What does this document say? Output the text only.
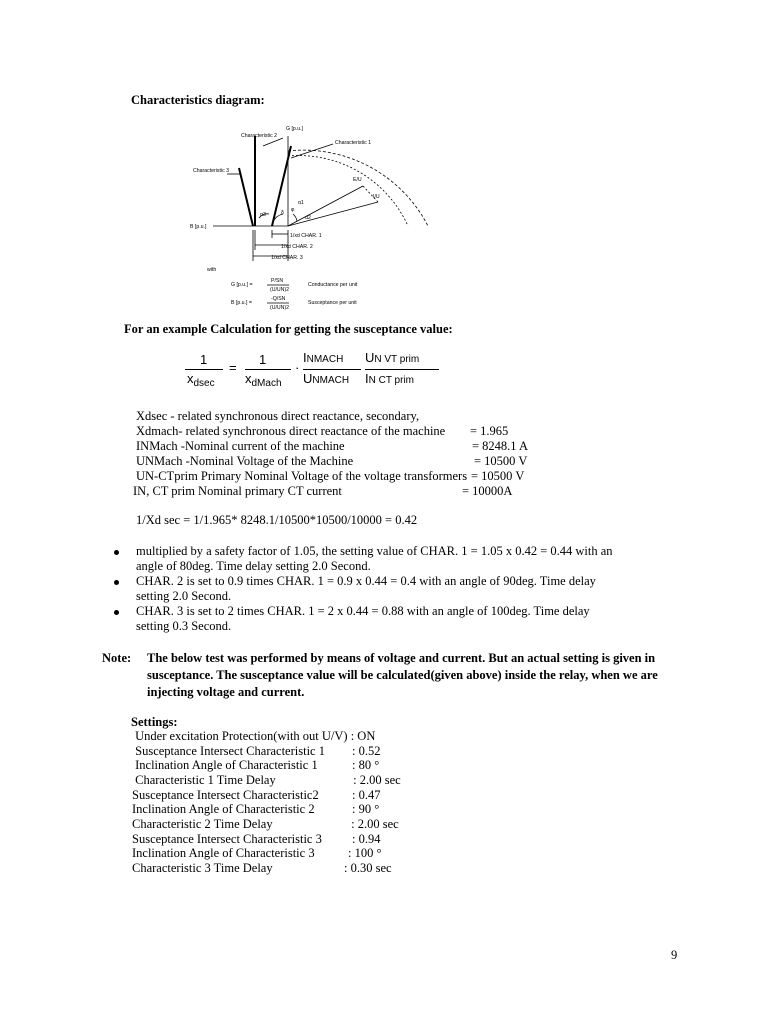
Characteristics diagram:
G [p.u.]
Characteristic 2
Characteristic 1
Characteristic 3
E/U
I/U
α1
α2
α3	δ φ
B [p.u.]
1/xd CHAR. 1
1/xd CHAR. 2
1/xd CHAR. 3
with
G [p.u.] =
P/SN
(U/UN)2
Conductance per unit
B [p.u.] =
-Q/SN
(U/UN)2
Susceptance per unit
For an example Calculation for getting the susceptance value:
1
$x_{dsec}$
=
1
$x_{dMach}$
·
INMACH
UNMACH
UN VT prim
IN CT prim
Xdsec - related synchronous direct reactance, secondary,
Xdmach- related synchronous direct reactance of the machine = 1.965
INMach -Nominal current of the machine	= 8248.1 A
UNMach -Nominal Voltage of the Machine	= 10500 V
UN-CTprim Primary Nominal Voltage of the voltage transformers = 10500 V
IN, CT prim Nominal primary CT current	= 10000A
1/Xd sec = 1/1.965* 8248.1/10500*10500/10000 = 0.42
multiplied by a safety factor of 1.05, the setting value of CHAR. 1 = 1.05 x 0.42 = 0.44 with an
angle of 80deg. Time delay setting 2.0 Second.
CHAR. 2 is set to 0.9 times CHAR. 1 = 0.9 x 0.44 = 0.4 with an angle of 90deg. Time delay
setting 2.0 Second.
CHAR. 3 is set to 2 times CHAR. 1 = 2 x 0.44 = 0.88 with an angle of 100deg. Time delay
setting 0.3 Second.
Note: The below test was performed by means of voltage and current. But an actual setting is given in
susceptance. The susceptance value will be calculated(given above) inside the relay, when we are
injecting voltage and current.
Settings:
Under excitation Protection(with out U/V) : ON
Susceptance Intersect Characteristic 1 : 0.52
Inclination Angle of Characteristic 1	: 80 °
Characteristic 1 Time Delay	: 2.00 sec
Susceptance Intersect Characteristic2	: 0.47
Inclination Angle of Characteristic 2	: 90 °
Characteristic 2 Time Delay	: 2.00 sec
Susceptance Intersect Characteristic 3 : 0.94
Inclination Angle of Characteristic 3	: 100 °
Characteristic 3 Time Delay	: 0.30 sec
9
